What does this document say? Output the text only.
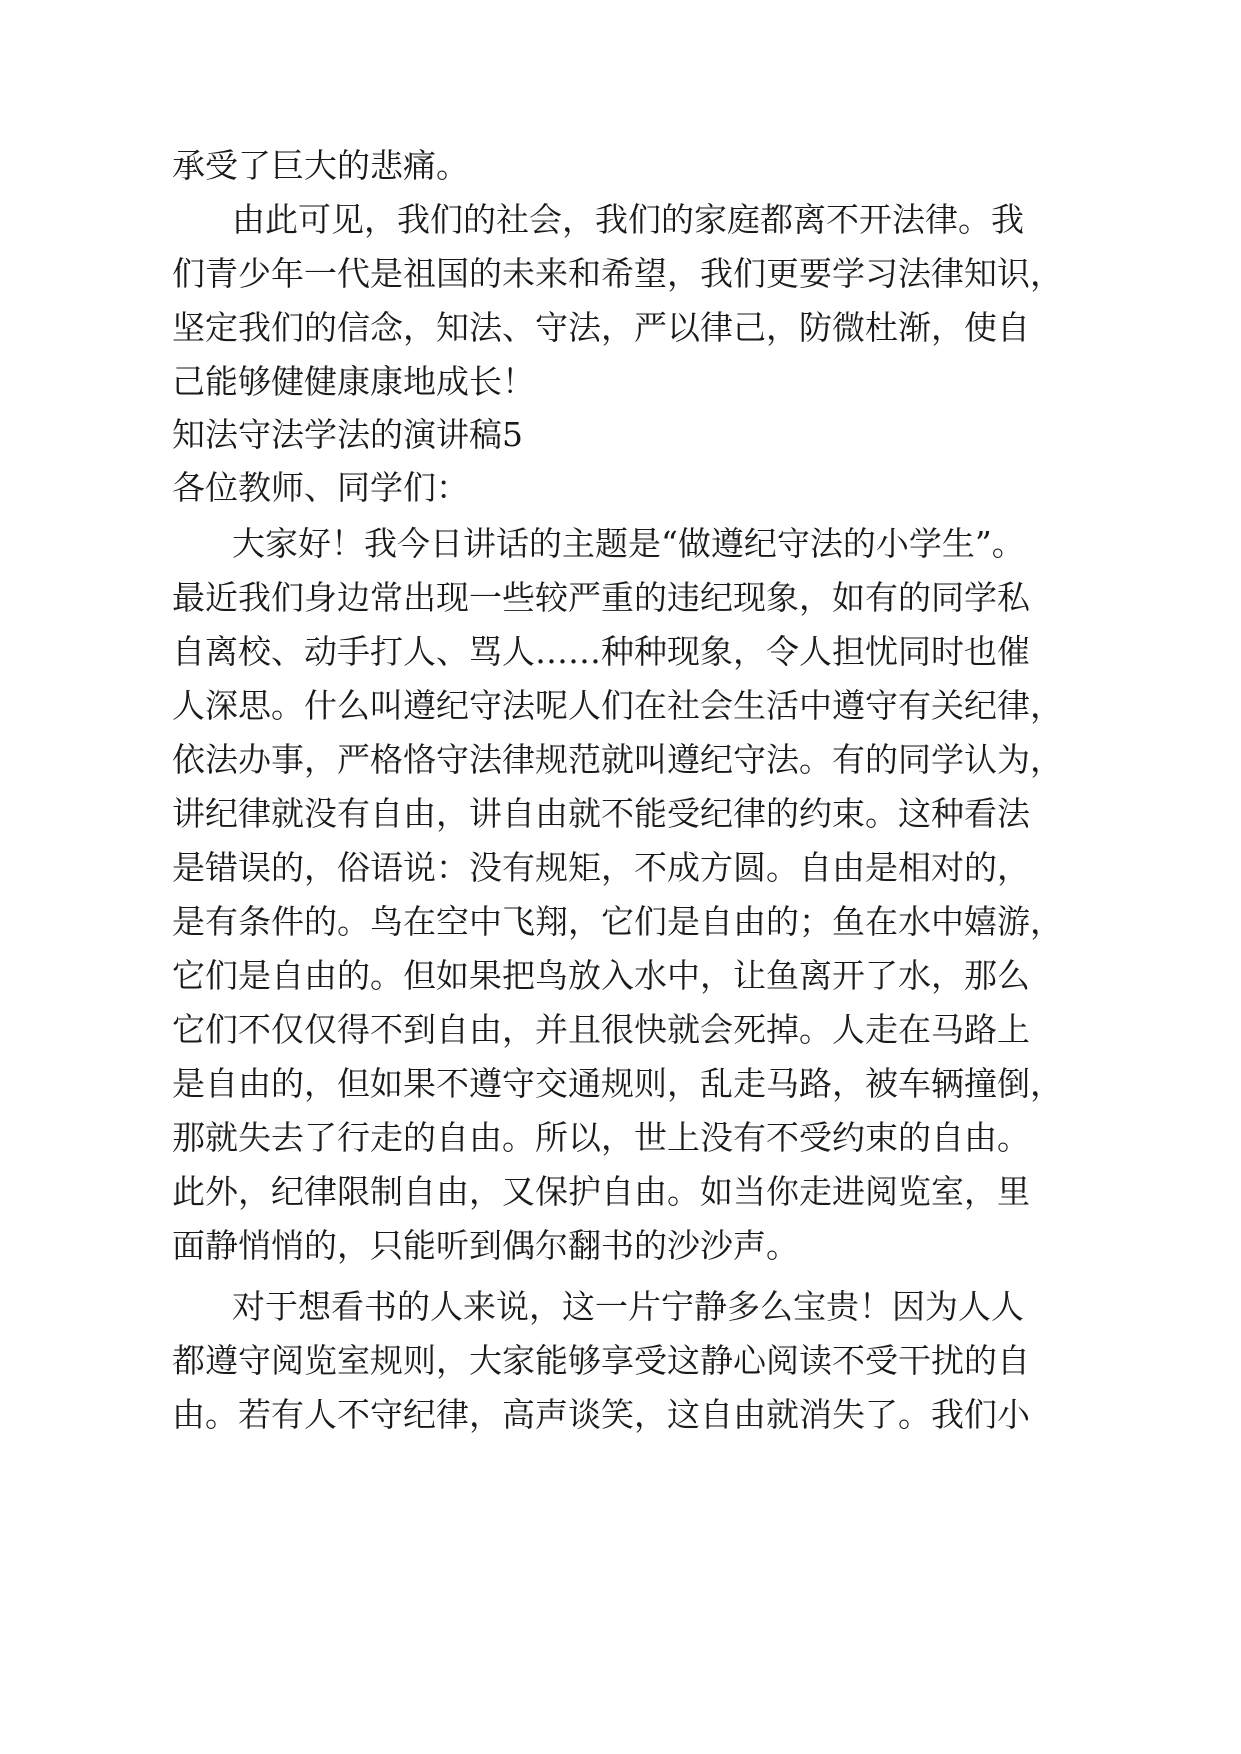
承受了巨大的悲痛。
由此可见，我们的社会，我们的家庭都离不开法律。我
们青少年一代是祖国的未来和希望，我们更要学习法律知识，
坚定我们的信念，知法、守法，严以律己，防微杜渐，使自
己能够健健康康地成长！
知法守法学法的演讲稿5
各位教师、同学们：
大家好！我今日讲话的主题是“做遵纪守法的小学生”。
最近我们身边常出现一些较严重的违纪现象，如有的同学私
自离校、动手打人、骂人……种种现象，令人担忧同时也催
人深思。什么叫遵纪守法呢人们在社会生活中遵守有关纪律，
依法办事，严格恪守法律规范就叫遵纪守法。有的同学认为，
讲纪律就没有自由，讲自由就不能受纪律的约束。这种看法
是错误的，俗语说：没有规矩，不成方圆。自由是相对的，
是有条件的。鸟在空中飞翔，它们是自由的；鱼在水中嬉游，
它们是自由的。但如果把鸟放入水中，让鱼离开了水，那么
它们不仅仅得不到自由，并且很快就会死掉。人走在马路上
是自由的，但如果不遵守交通规则，乱走马路，被车辆撞倒，
那就失去了行走的自由。所以，世上没有不受约束的自由。
此外，纪律限制自由，又保护自由。如当你走进阅览室，里
面静悄悄的，只能听到偶尔翻书的沙沙声。
对于想看书的人来说，这一片宁静多么宝贵！因为人人
都遵守阅览室规则，大家能够享受这静心阅读不受干扰的自
由。若有人不守纪律，高声谈笑，这自由就消失了。我们小
